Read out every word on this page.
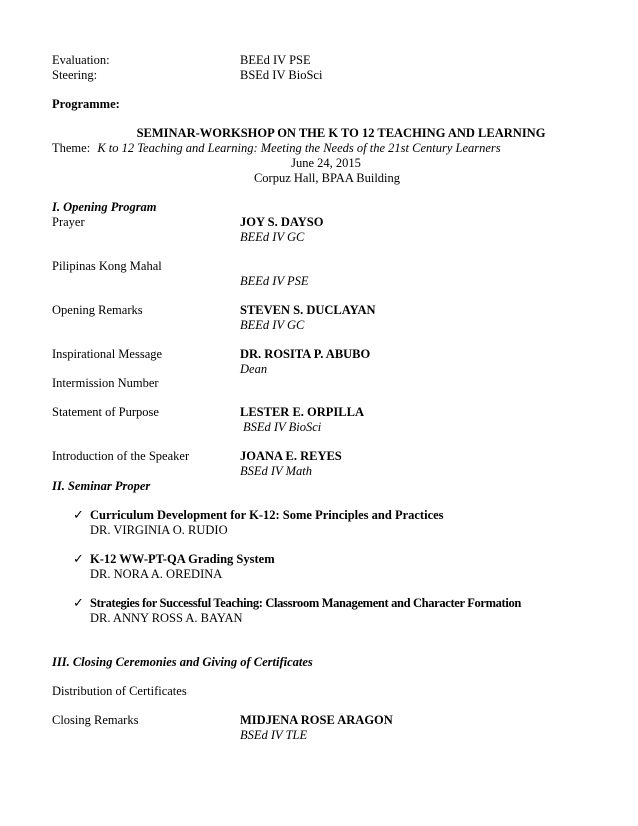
Evaluation:	BEEd IV PSE
Steering:	BSEd IV BioSci
Programme:
SEMINAR-WORKSHOP ON THE K TO 12 TEACHING AND LEARNING
Theme: K to 12 Teaching and Learning: Meeting the Needs of the 21st Century Learners
June 24, 2015
Corpuz Hall, BPAA Building
I. Opening Program
Prayer	JOY S. DAYSO
BEEd IV GC
Pilipinas Kong Mahal
BEEd IV PSE
Opening Remarks	STEVEN S. DUCLAYAN
BEEd IV GC
Inspirational Message	DR. ROSITA P. ABUBO
Dean
Intermission Number
Statement of Purpose	LESTER E. ORPILLA
BSEd IV BioSci
Introduction of the Speaker	JOANA E. REYES
BSEd IV Math
II. Seminar Proper
✓ Curriculum Development for K-12: Some Principles and Practices
DR. VIRGINIA O. RUDIO
✓ K-12 WW-PT-QA Grading System
DR. NORA A. OREDINA
✓ Strategies for Successful Teaching: Classroom Management and Character Formation
DR. ANNY ROSS A. BAYAN
III. Closing Ceremonies and Giving of Certificates
Distribution of Certificates
Closing Remarks	MIDJENA ROSE ARAGON
BSEd IV TLE
